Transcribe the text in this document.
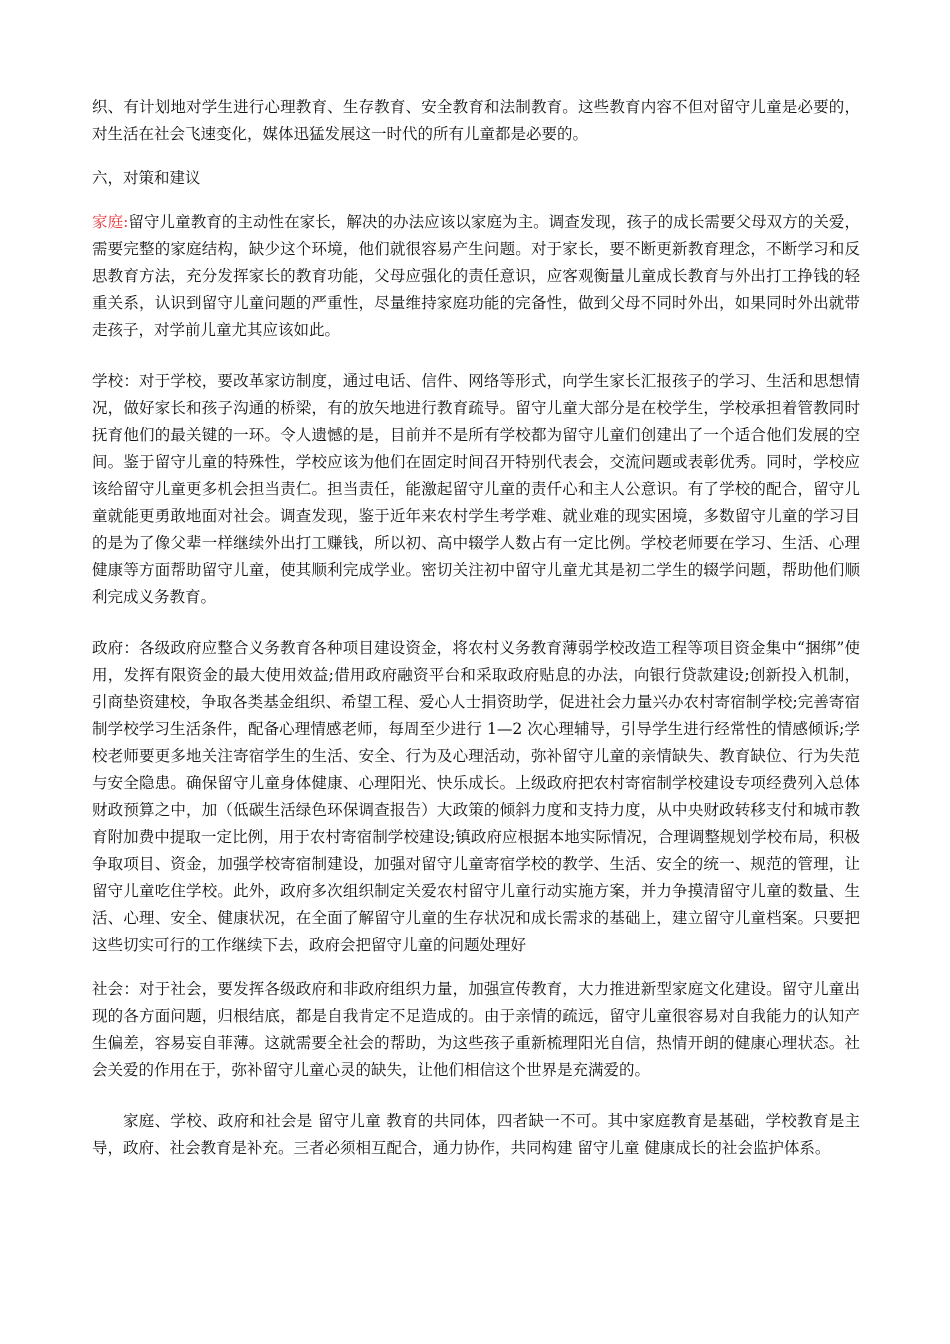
织、有计划地对学生进行心理教育、生存教育、安全教育和法制教育。这些教育内容不但对留守儿童是必要的，对生活在社会飞速变化，媒体迅猛发展这一时代的所有儿童都是必要的。

六，对策和建议

家庭:留守儿童教育的主动性在家长，解决的办法应该以家庭为主。调查发现，孩子的成长需要父母双方的关爱，需要完整的家庭结构，缺少这个环境，他们就很容易产生问题。对于家长，要不断更新教育理念，不断学习和反思教育方法，充分发挥家长的教育功能，父母应强化的责任意识，应客观衡量儿童成长教育与外出打工挣钱的轻重关系，认识到留守儿童问题的严重性，尽量维持家庭功能的完备性，做到父母不同时外出，如果同时外出就带走孩子，对学前儿童尤其应该如此。

学校：对于学校，要改革家访制度，通过电话、信件、网络等形式，向学生家长汇报孩子的学习、生活和思想情况，做好家长和孩子沟通的桥梁，有的放矢地进行教育疏导。留守儿童大部分是在校学生，学校承担着管教同时抚育他们的最关键的一环。令人遗憾的是，目前并不是所有学校都为留守儿童们创建出了一个适合他们发展的空间。鉴于留守儿童的特殊性，学校应该为他们在固定时间召开特别代表会，交流问题或表彰优秀。同时，学校应该给留守儿童更多机会担当责仁。担当责任，能激起留守儿童的责仟心和主人公意识。有了学校的配合，留守儿童就能更勇敢地面对社会。调查发现，鉴于近年来农村学生考学难、就业难的现实困境，多数留守儿童的学习目的是为了像父辈一样继续外出打工赚钱，所以初、高中辍学人数占有一定比例。学校老师要在学习、生活、心理健康等方面帮助留守儿童，使其顺利完成学业。密切关注初中留守儿童尤其是初二学生的辍学问题，帮助他们顺利完成义务教育。

政府：各级政府应整合义务教育各种项目建设资金，将农村义务教育薄弱学校改造工程等项目资金集中“捆绑”使用，发挥有限资金的最大使用效益;借用政府融资平台和采取政府贴息的办法，向银行贷款建设;创新投入机制，引商垫资建校，争取各类基金组织、希望工程、爱心人士捐资助学，促进社会力量兴办农村寄宿制学校;完善寄宿制学校学习生活条件，配备心理情感老师，每周至少进行 1—2 次心理辅导，引导学生进行经常性的情感倾诉;学校老师要更多地关注寄宿学生的生活、安全、行为及心理活动，弥补留守儿童的亲情缺失、教育缺位、行为失范与安全隐患。确保留守儿童身体健康、心理阳光、快乐成长。上级政府把农村寄宿制学校建设专项经费列入总体财政预算之中，加（低碳生活绿色环保调查报告）大政策的倾斜力度和支持力度，从中央财政转移支付和城市教育附加费中提取一定比例，用于农村寄宿制学校建设;镇政府应根据本地实际情况，合理调整规划学校布局，积极争取项目、资金，加强学校寄宿制建设，加强对留守儿童寄宿学校的教学、生活、安全的统一、规范的管理，让留守儿童吃住学校。此外，政府多次组织制定关爱农村留守儿童行动实施方案，并力争摸清留守儿童的数量、生活、心理、安全、健康状况，在全面了解留守儿童的生存状况和成长需求的基础上，建立留守儿童档案。只要把这些切实可行的工作继续下去，政府会把留守儿童的问题处理好

社会：对于社会，要发挥各级政府和非政府组织力量，加强宣传教育，大力推进新型家庭文化建设。留守儿童出现的各方面问题，归根结底，都是自我肯定不足造成的。由于亲情的疏远，留守儿童很容易对自我能力的认知产生偏差，容易妄自菲薄。这就需要全社会的帮助，为这些孩子重新梳理阳光自信，热情开朗的健康心理状态。社会关爱的作用在于，弥补留守儿童心灵的缺失，让他们相信这个世界是充满爱的。

家庭、学校、政府和社会是 留守儿童 教育的共同体，四者缺一不可。其中家庭教育是基础，学校教育是主导，政府、社会教育是补充。三者必须相互配合，通力协作，共同构建 留守儿童 健康成长的社会监护体系。
